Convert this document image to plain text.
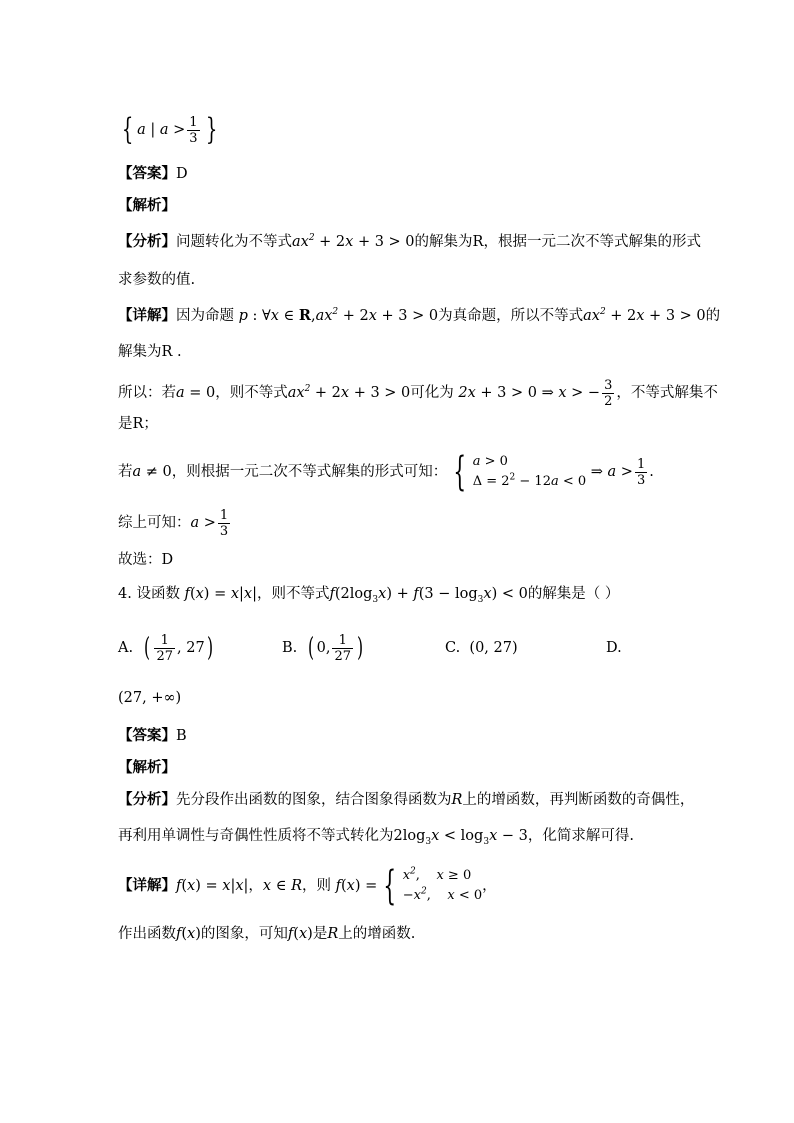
{ a | $a > \frac{1}{3}$ }
【答案】 D
【解析】
【分析】 问题转化为不等式 $ax^2 + 2x + 3 > 0$ 的解集为R，根据一元二次不等式解集的形式
求参数的值.
【详解】 因为命题 p : ∀x ∈ $R,ax^2 + 2x + 3 > 0$ 为真命题，所以不等式 $ax^2 + 2x + 3 > 0$ 的
解集为R .
所以：若 a = 0 ，则不等式 $ax^2 + 2x + 3 > 0$ 可化为 2x + 3 > 0 ⇒ x > − $\frac{3}{2}$ ，不等式解集不
是R；
若 a ≠ 0 ，则根据一元二次不等式解集的形式可知： { a > 0
$\Delta = 2^2 - 12a < 0$
⇒ $a > \frac{1}{3}$ .
综上可知： $a > \frac{1}{3}$
故选：D
4. 设函数 f(x) = x|x| ，则不等式 $f(2\log_3x) + f(3 - \log_3x) < 0$ 的解集是（ ）
A.
( $\frac{1}{27}$ , 27 )	B.
( 0 , $\frac{1}{27}$ )	C.
(0, 27)	D.
(27, +∞)
【答案】 B
【解析】
【分析】 先分段作出函数的图象，结合图象得函数为 R 上的增函数，再判断函数的奇偶性，
再利用单调性与奇偶性性质将不等式转化为 $2\log_3x < \log_3x - 3$ ，化简求解可得.
【详解】 f(x) = x|x| ， x ∈ R ，则 f(x) = { $x^2$,    x ≥ 0
$-x^2$,    x < 0
，
作出函数 f(x) 的图象，可知 f(x) 是 R 上的增函数.
